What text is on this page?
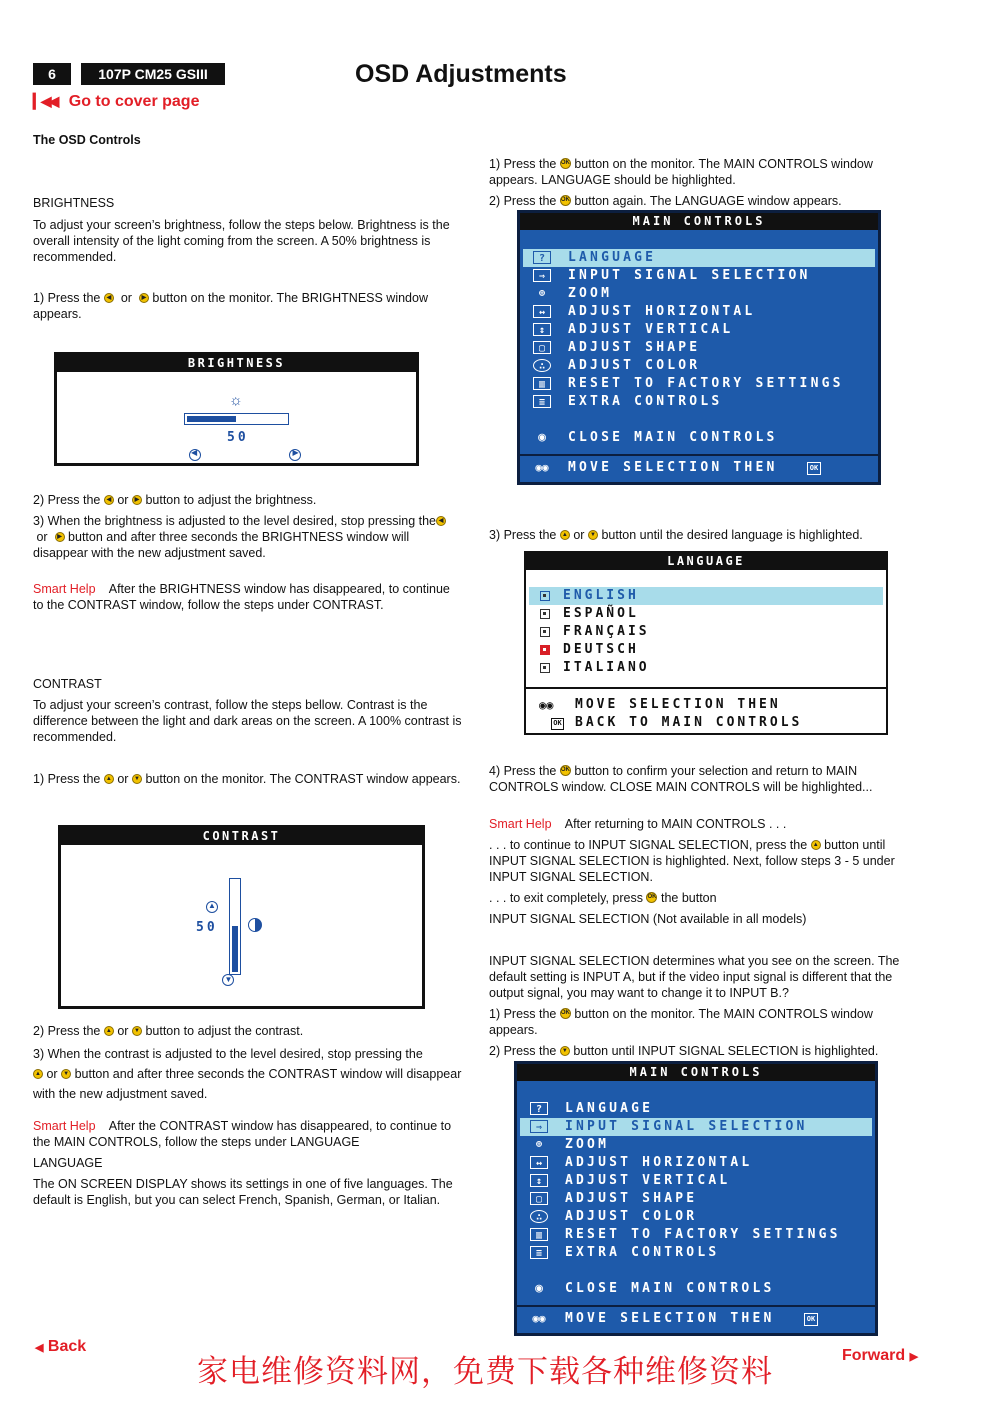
6	107P CM25 GSIII	OSD Adjustments
▎◀◀ Go to cover page
The OSD Controls
BRIGHTNESS
To adjust your screen’s brightness, follow the steps below. Brightness is the overall intensity of the light coming from the screen. A 50% brightness is recommended.
1) Press the ◀ or ▶ button on the monitor. The BRIGHTNESS window appears.
BRIGHTNESS
☼
◀

50
▶
2) Press the ◀ or ▶ button to adjust the brightness.
3) When the brightness is adjusted to the level desired, stop pressing the ◀  or ▶ button and after three seconds the BRIGHTNESS window will disappear with the new adjustment saved.
Smart Help After the BRIGHTNESS window has disappeared, to continue to the CONTRAST window, follow the steps under CONTRAST.
CONTRAST
To adjust your screen’s contrast, follow the steps bellow. Contrast is the difference between the light and dark areas on the screen. A 100% contrast is recommended.
1) Press the ▲ or ▼ button on the monitor. The CONTRAST window appears.
CONTRAST
▲

50
▼
2) Press the ▲ or ▼ button to adjust the contrast.
3) When the contrast is adjusted to the level desired, stop pressing the
▲ or ▼ button and after three seconds the CONTRAST window will disappear with the new adjustment saved.
Smart Help After the CONTRAST window has disappeared, to continue to the MAIN CONTROLS, follow the steps under LANGUAGE
LANGUAGE
The ON SCREEN DISPLAY shows its settings in one of five languages. The default is English, but you can select French, Spanish, German, or Italian.
1) Press the OK button on the monitor. The MAIN CONTROLS window appears. LANGUAGE should be highlighted.
2) Press the OK button again. The LANGUAGE window appears.
MAIN CONTROLS
?	LANGUAGE
⇒	INPUT SIGNAL SELECTION
⊕	ZOOM
↔	ADJUST HORIZONTAL
↕	ADJUST VERTICAL
▢	ADJUST SHAPE
∴	ADJUST COLOR
▥	RESET TO FACTORY SETTINGS
≡	EXTRA CONTROLS
◉	CLOSE MAIN CONTROLS
◉◉ MOVE SELECTION THEN	OK
3) Press the ▲ or ▼ button until the desired language is highlighted.
LANGUAGE
ENGLISH
ESPAÑOL
FRANÇAIS
DEUTSCH
ITALIANO
◉◉ MOVE SELECTION THEN
OK BACK TO MAIN CONTROLS
4) Press the OK button to confirm your selection and return to MAIN CONTROLS window. CLOSE MAIN CONTROLS will be highlighted...
Smart Help After returning to MAIN CONTROLS . . .
. . . to continue to INPUT SIGNAL SELECTION, press the ▲ button until INPUT SIGNAL SELECTION is highlighted. Next, follow steps 3 - 5 under INPUT SIGNAL SELECTION.
. . . to exit completely, press OK the button
INPUT SIGNAL SELECTION (Not available in all models)
INPUT SIGNAL SELECTION determines what you see on the screen. The default setting is INPUT A, but if the video input signal is different that the output signal, you may want to change it to INPUT B.?
1) Press the OK button on the monitor. The MAIN CONTROLS window appears.
2) Press the ▼ button until INPUT SIGNAL SELECTION is highlighted.
MAIN CONTROLS
?	LANGUAGE
⇒	INPUT SIGNAL SELECTION
⊕	ZOOM
↔	ADJUST HORIZONTAL
↕	ADJUST VERTICAL
▢	ADJUST SHAPE
∴	ADJUST COLOR
▥	RESET TO FACTORY SETTINGS
≡	EXTRA CONTROLS
◉	CLOSE MAIN CONTROLS
◉◉ MOVE SELECTION THEN	OK
◀ Back
家电维修资料网，免费下载各种维修资料	Forward ▶
